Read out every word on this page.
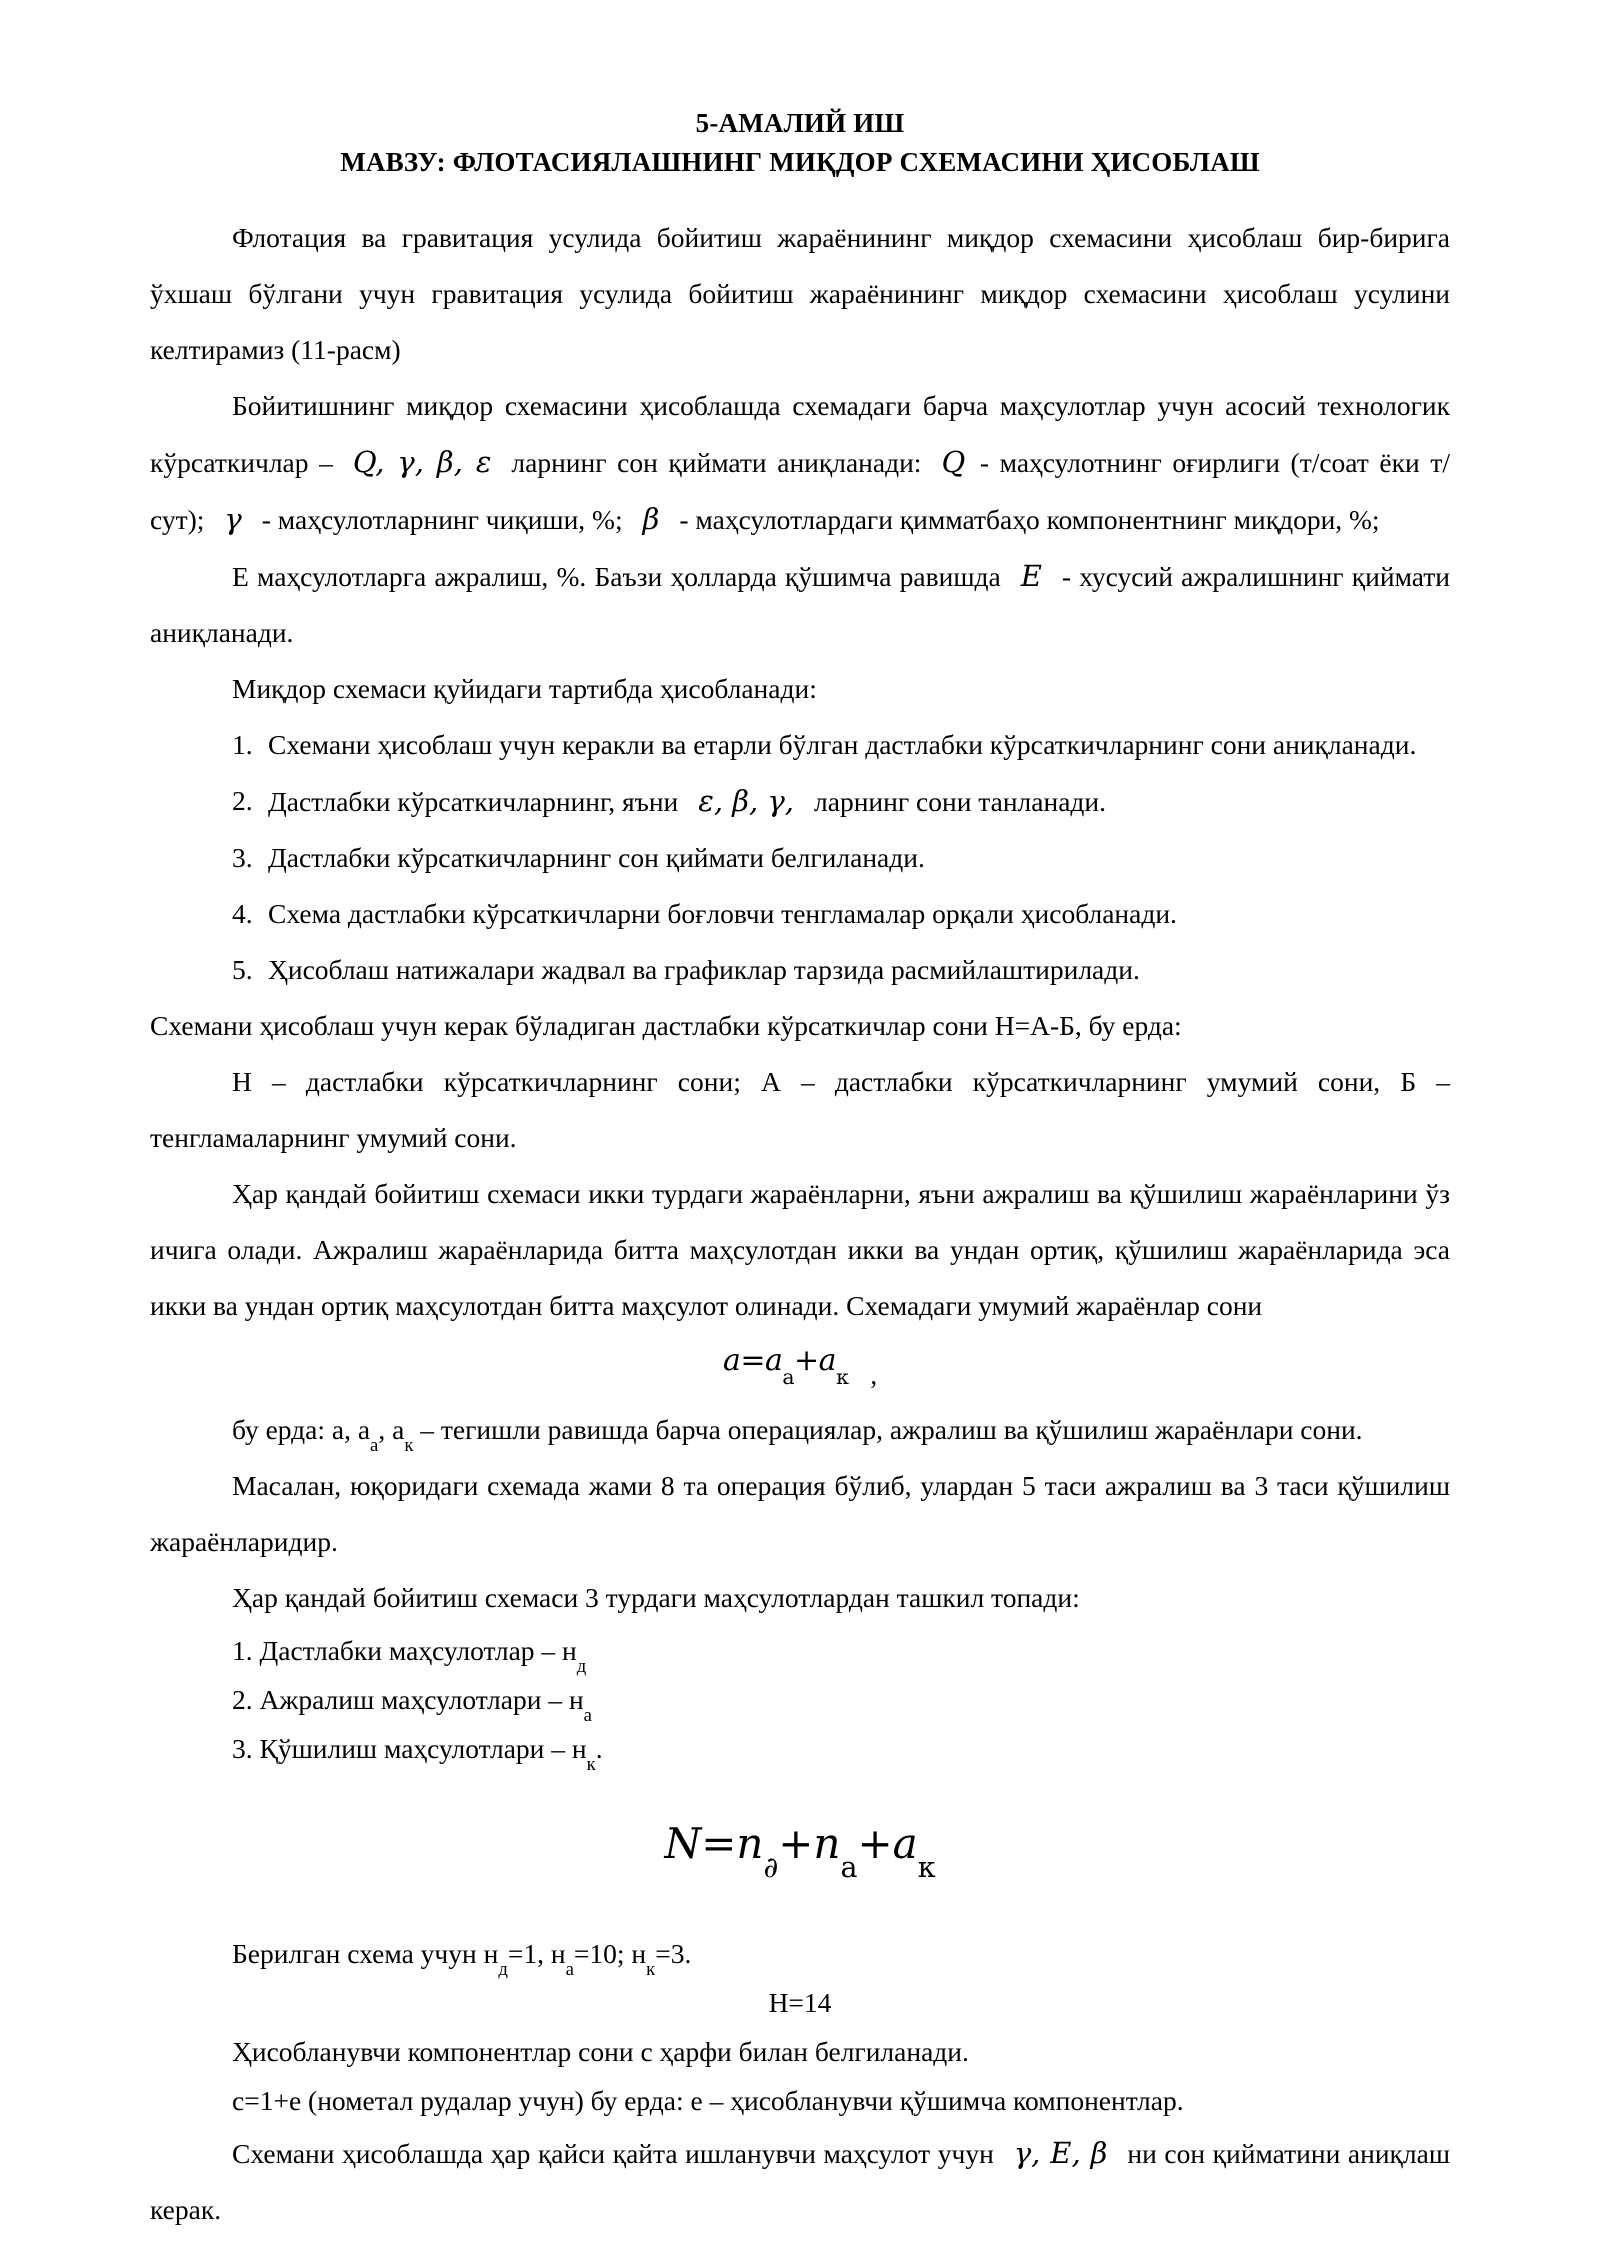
5-АМАЛИЙ ИШ
МАВЗУ: ФЛОТАСИЯЛАШНИНГ МИҚДОР СХЕМАСИНИ ҲИСОБЛАШ

Флотация ва гравитация усулида бойитиш жараёнининг миқдор схемасини ҳисоблаш бир-бирига ўхшаш бўлгани учун гравитация усулида бойитиш жараёнининг миқдор схемасини ҳисоблаш усулини келтирамиз (11-расм)

Бойитишнинг миқдор схемасини ҳисоблашда схемадаги барча маҳсулотлар учун асосий технологик кўрсаткичлар – Q, γ, β, ε ларнинг сон қиймати аниқланади: Q - маҳсулотнинг оғирлиги (т/соат ёки т/сут); γ - маҳсулотларнинг чиқиши, %; β - маҳсулотлардаги қимматбаҳо компонентнинг миқдори, %;

Е маҳсулотларга ажралиш, %. Баъзи ҳолларда қўшимча равишда E - хусусий ажралишнинг қиймати аниқланади.

Миқдор схемаси қуйидаги тартибда ҳисобланади:

1. Схемани ҳисоблаш учун керакли ва етарли бўлган дастлабки кўрсаткичларнинг сони аниқланади.
2. Дастлабки кўрсаткичларнинг, яъни ε, β, γ, ларнинг сони танланади.
3. Дастлабки кўрсаткичларнинг сон қиймати белгиланади.
4. Схема дастлабки кўрсаткичларни боғловчи тенгламалар орқали ҳисобланади.
5. Ҳисоблаш натижалари жадвал ва графиклар тарзида расмийлаштирилади.

Схемани ҳисоблаш учун керак бўладиган дастлабки кўрсаткичлар сони Н=А-Б, бу ерда:

Н – дастлабки кўрсаткичларнинг сони; А – дастлабки кўрсаткичларнинг умумий сони, Б –тенгламаларнинг умумий сони.

Ҳар қандай бойитиш схемаси икки турдаги жараёнларни, яъни ажралиш ва қўшилиш жараёнларини ўз ичига олади. Ажралиш жараёнларида битта маҳсулотдан икки ва ундан ортиқ, қўшилиш жараёнларида эса икки ва ундан ортиқ маҳсулотдан битта маҳсулот олинади. Схемадаги умумий жараёнлар сони

$a=a_а+a_к$ ,

бу ерда: а, $а_а$, $а_к$ – тегишли равишда барча операциялар, ажралиш ва қўшилиш жараёнлари сони.

Масалан, юқоридаги схемада жами 8 та операция бўлиб, улардан 5 таси ажралиш ва 3 таси қўшилиш жараёнларидир.

Ҳар қандай бойитиш схемаси 3 турдаги маҳсулотлардан ташкил топади:

1. Дастлабки маҳсулотлар – $н_д$

2. Ажралиш маҳсулотлари – $н_а$

3. Қўшилиш маҳсулотлари – $н_к$.

$N=n_\partial+n_a+a_к$

Берилган схема учун $н_д=1$, $н_а=10$; $н_к=3$.

Н=14

Ҳисобланувчи компонентлар сони с ҳарфи билан белгиланади.

c=1+е (нометал рудалар учун) бу ерда: е – ҳисобланувчи қўшимча компонентлар.

Схемани ҳисоблашда ҳар қайси қайта ишланувчи маҳсулот учун γ, E, β ни сон қийматини аниқлаш керак.
